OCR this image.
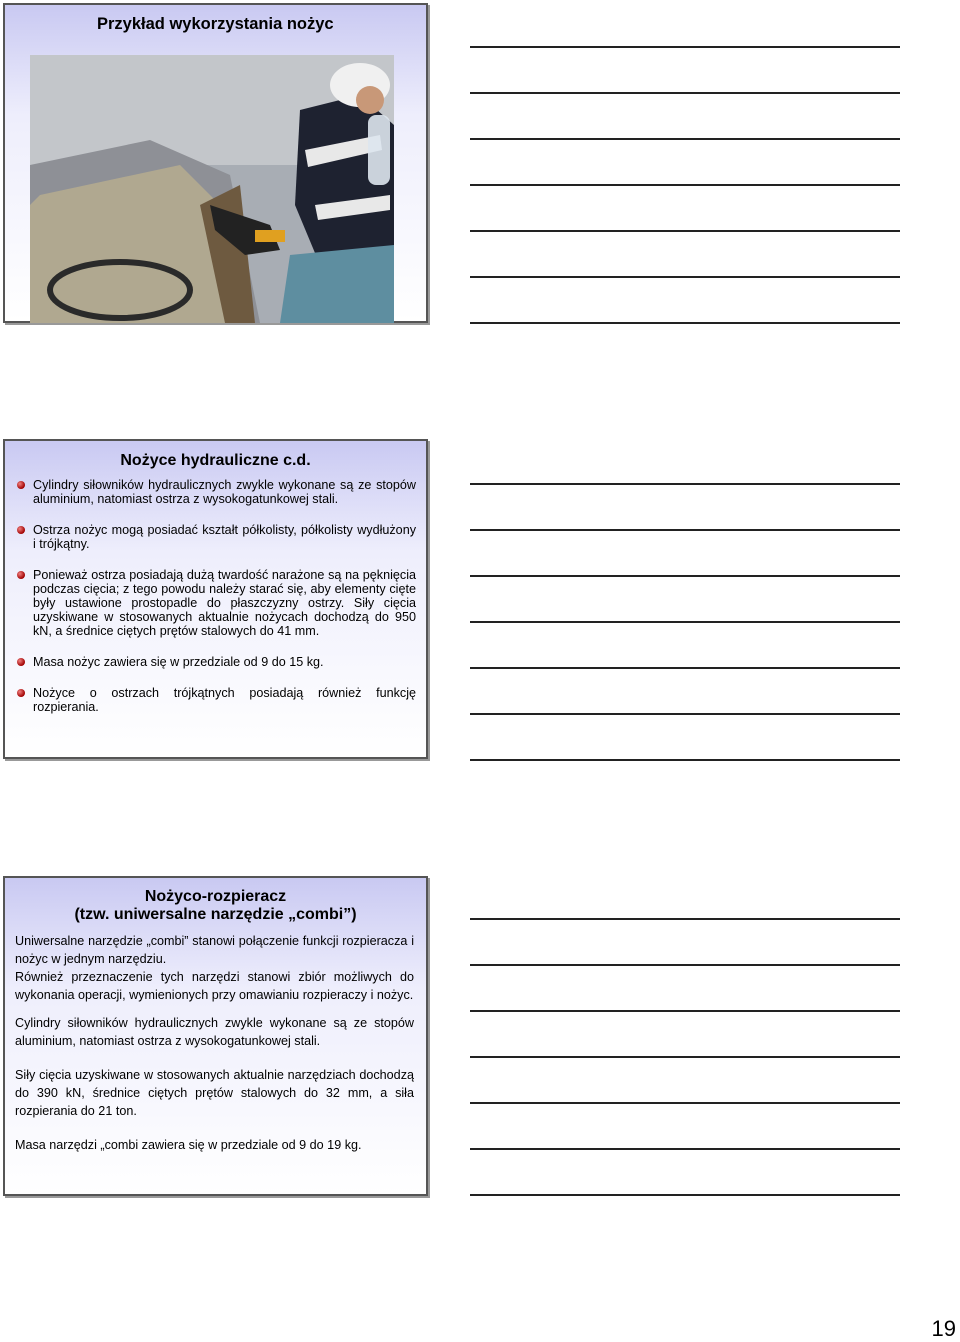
Przykład wykorzystania nożyc
Nożyce hydrauliczne c.d.
Cylindry siłowników hydraulicznych zwykle wykonane są ze stopów aluminium, natomiast ostrza z wysokogatunkowej stali.
Ostrza nożyc mogą posiadać kształt półkolisty, półkolisty wydłużony i trójkątny.
Ponieważ ostrza posiadają dużą twardość narażone są na pęknięcia podczas cięcia; z tego powodu należy starać się, aby elementy cięte były ustawione prostopadle do płaszczyzny ostrzy. Siły cięcia uzyskiwane w stosowanych aktualnie nożycach dochodzą do 950 kN, a średnice ciętych prętów stalowych do 41 mm.
Masa nożyc zawiera się w przedziale od 9 do 15 kg.
Nożyce o ostrzach trójkątnych posiadają również funkcję rozpierania.
Nożyco-rozpieracz
(tzw. uniwersalne narzędzie „combi”)

Uniwersalne narzędzie „combi” stanowi połączenie funkcji rozpieracza i nożyc w jednym narzędziu.

Również przeznaczenie tych narzędzi stanowi zbiór możliwych do wykonania operacji, wymienionych przy omawianiu rozpieraczy i nożyc.

Cylindry siłowników hydraulicznych zwykle wykonane są ze stopów aluminium, natomiast ostrza z wysokogatunkowej stali.

Siły cięcia uzyskiwane w stosowanych aktualnie narzędziach dochodzą do 390 kN, średnice ciętych prętów stalowych do 32 mm, a siła rozpierania do 21 ton.

Masa narzędzi „combi zawiera się w przedziale od 9 do 19 kg.

19
